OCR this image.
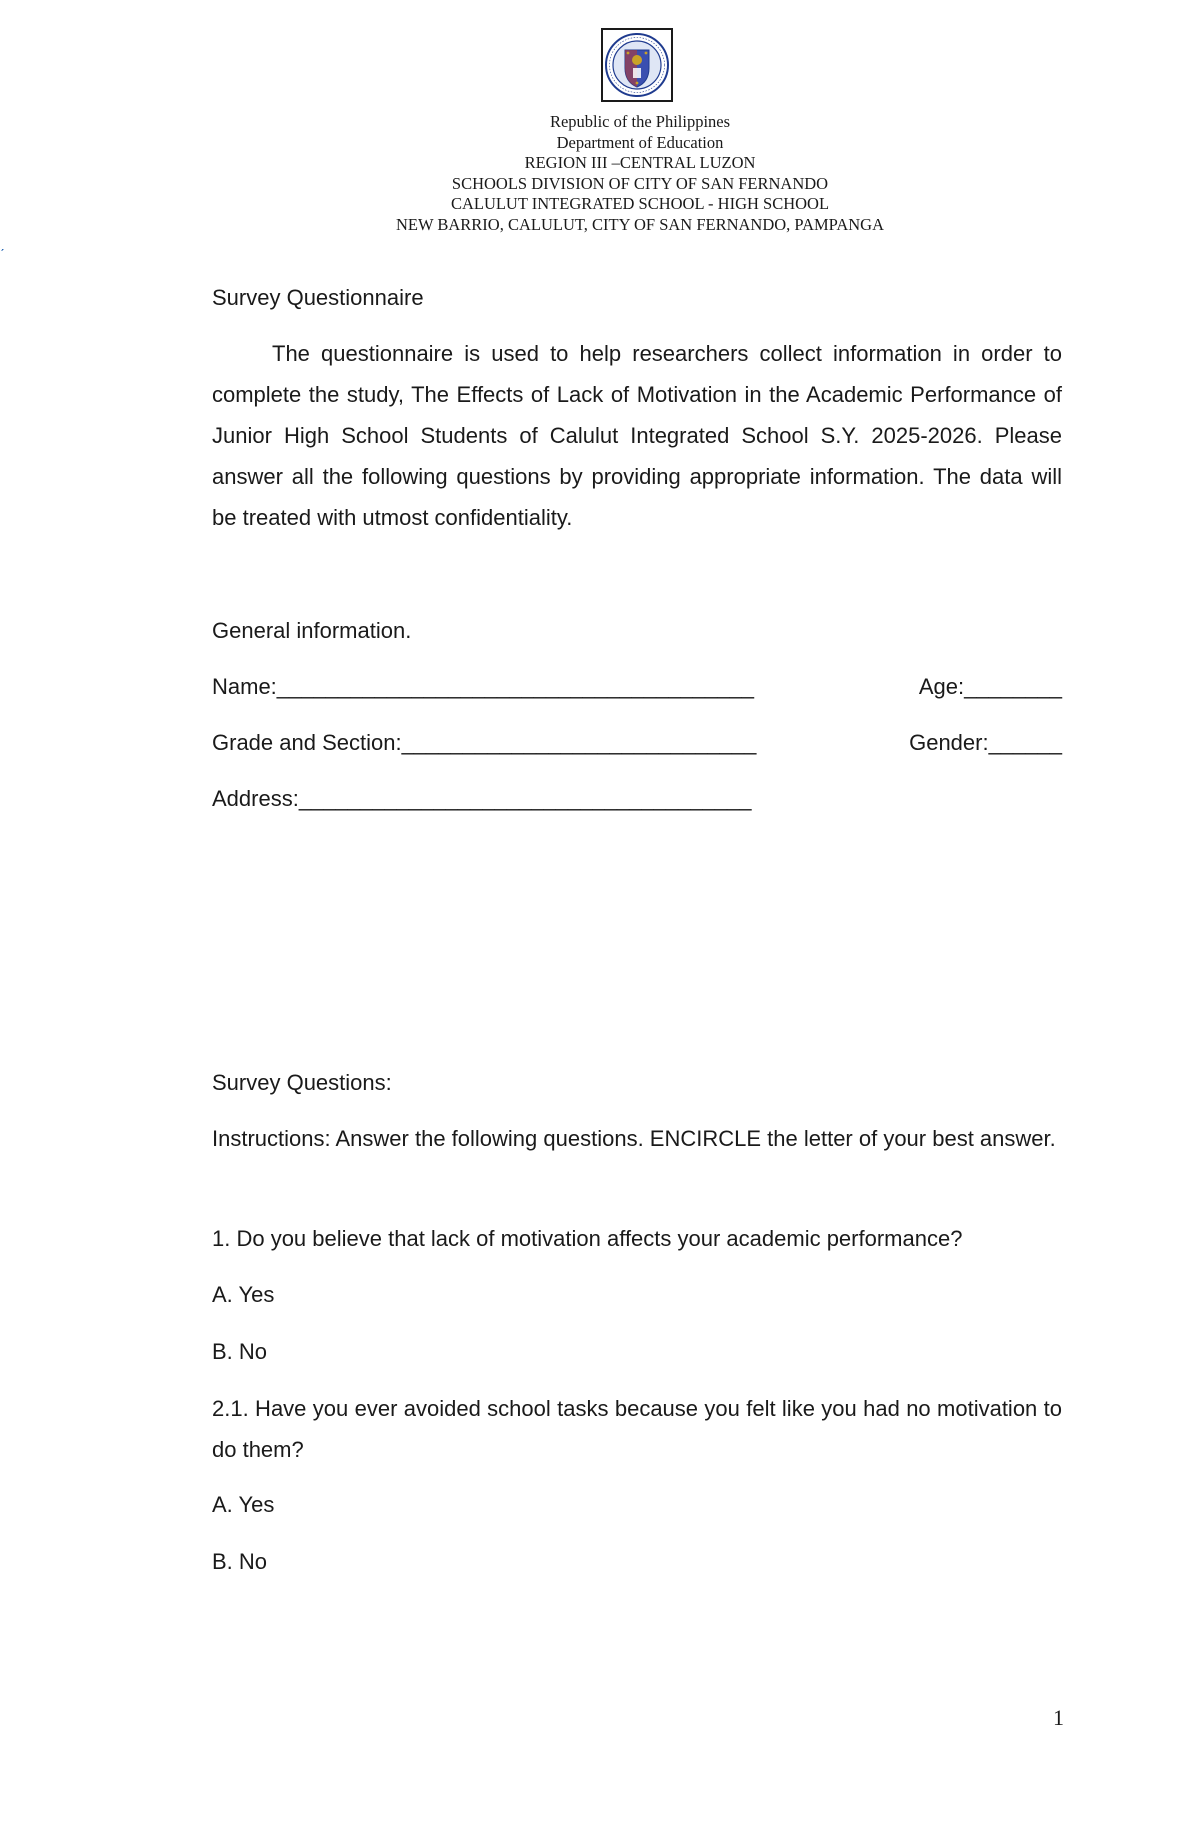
Republic of the Philippines
Department of Education
REGION III –CENTRAL LUZON
SCHOOLS DIVISION OF CITY OF SAN FERNANDO
CALULUT INTEGRATED SCHOOL - HIGH SCHOOL
NEW BARRIO, CALULUT, CITY OF SAN FERNANDO, PAMPANGA
ˊ
Survey Questionnaire
The questionnaire is used to help researchers collect information in order to complete the study, The Effects of Lack of Motivation in the Academic Performance of Junior High School Students of Calulut Integrated School S.Y. 2025-2026. Please answer all the following questions by providing appropriate information. The data will be treated with utmost confidentiality.
General information.
Name:_______________________________________	Age:________
Grade and Section:_____________________________	Gender:______
Address:_____________________________________
Survey Questions:
Instructions: Answer the following questions. ENCIRCLE the letter of your best answer.
1. Do you believe that lack of motivation affects your academic performance?
A. Yes
B. No
2.1. Have you ever avoided school tasks because you felt like you had no motivation to do them?
A. Yes
B. No
1
